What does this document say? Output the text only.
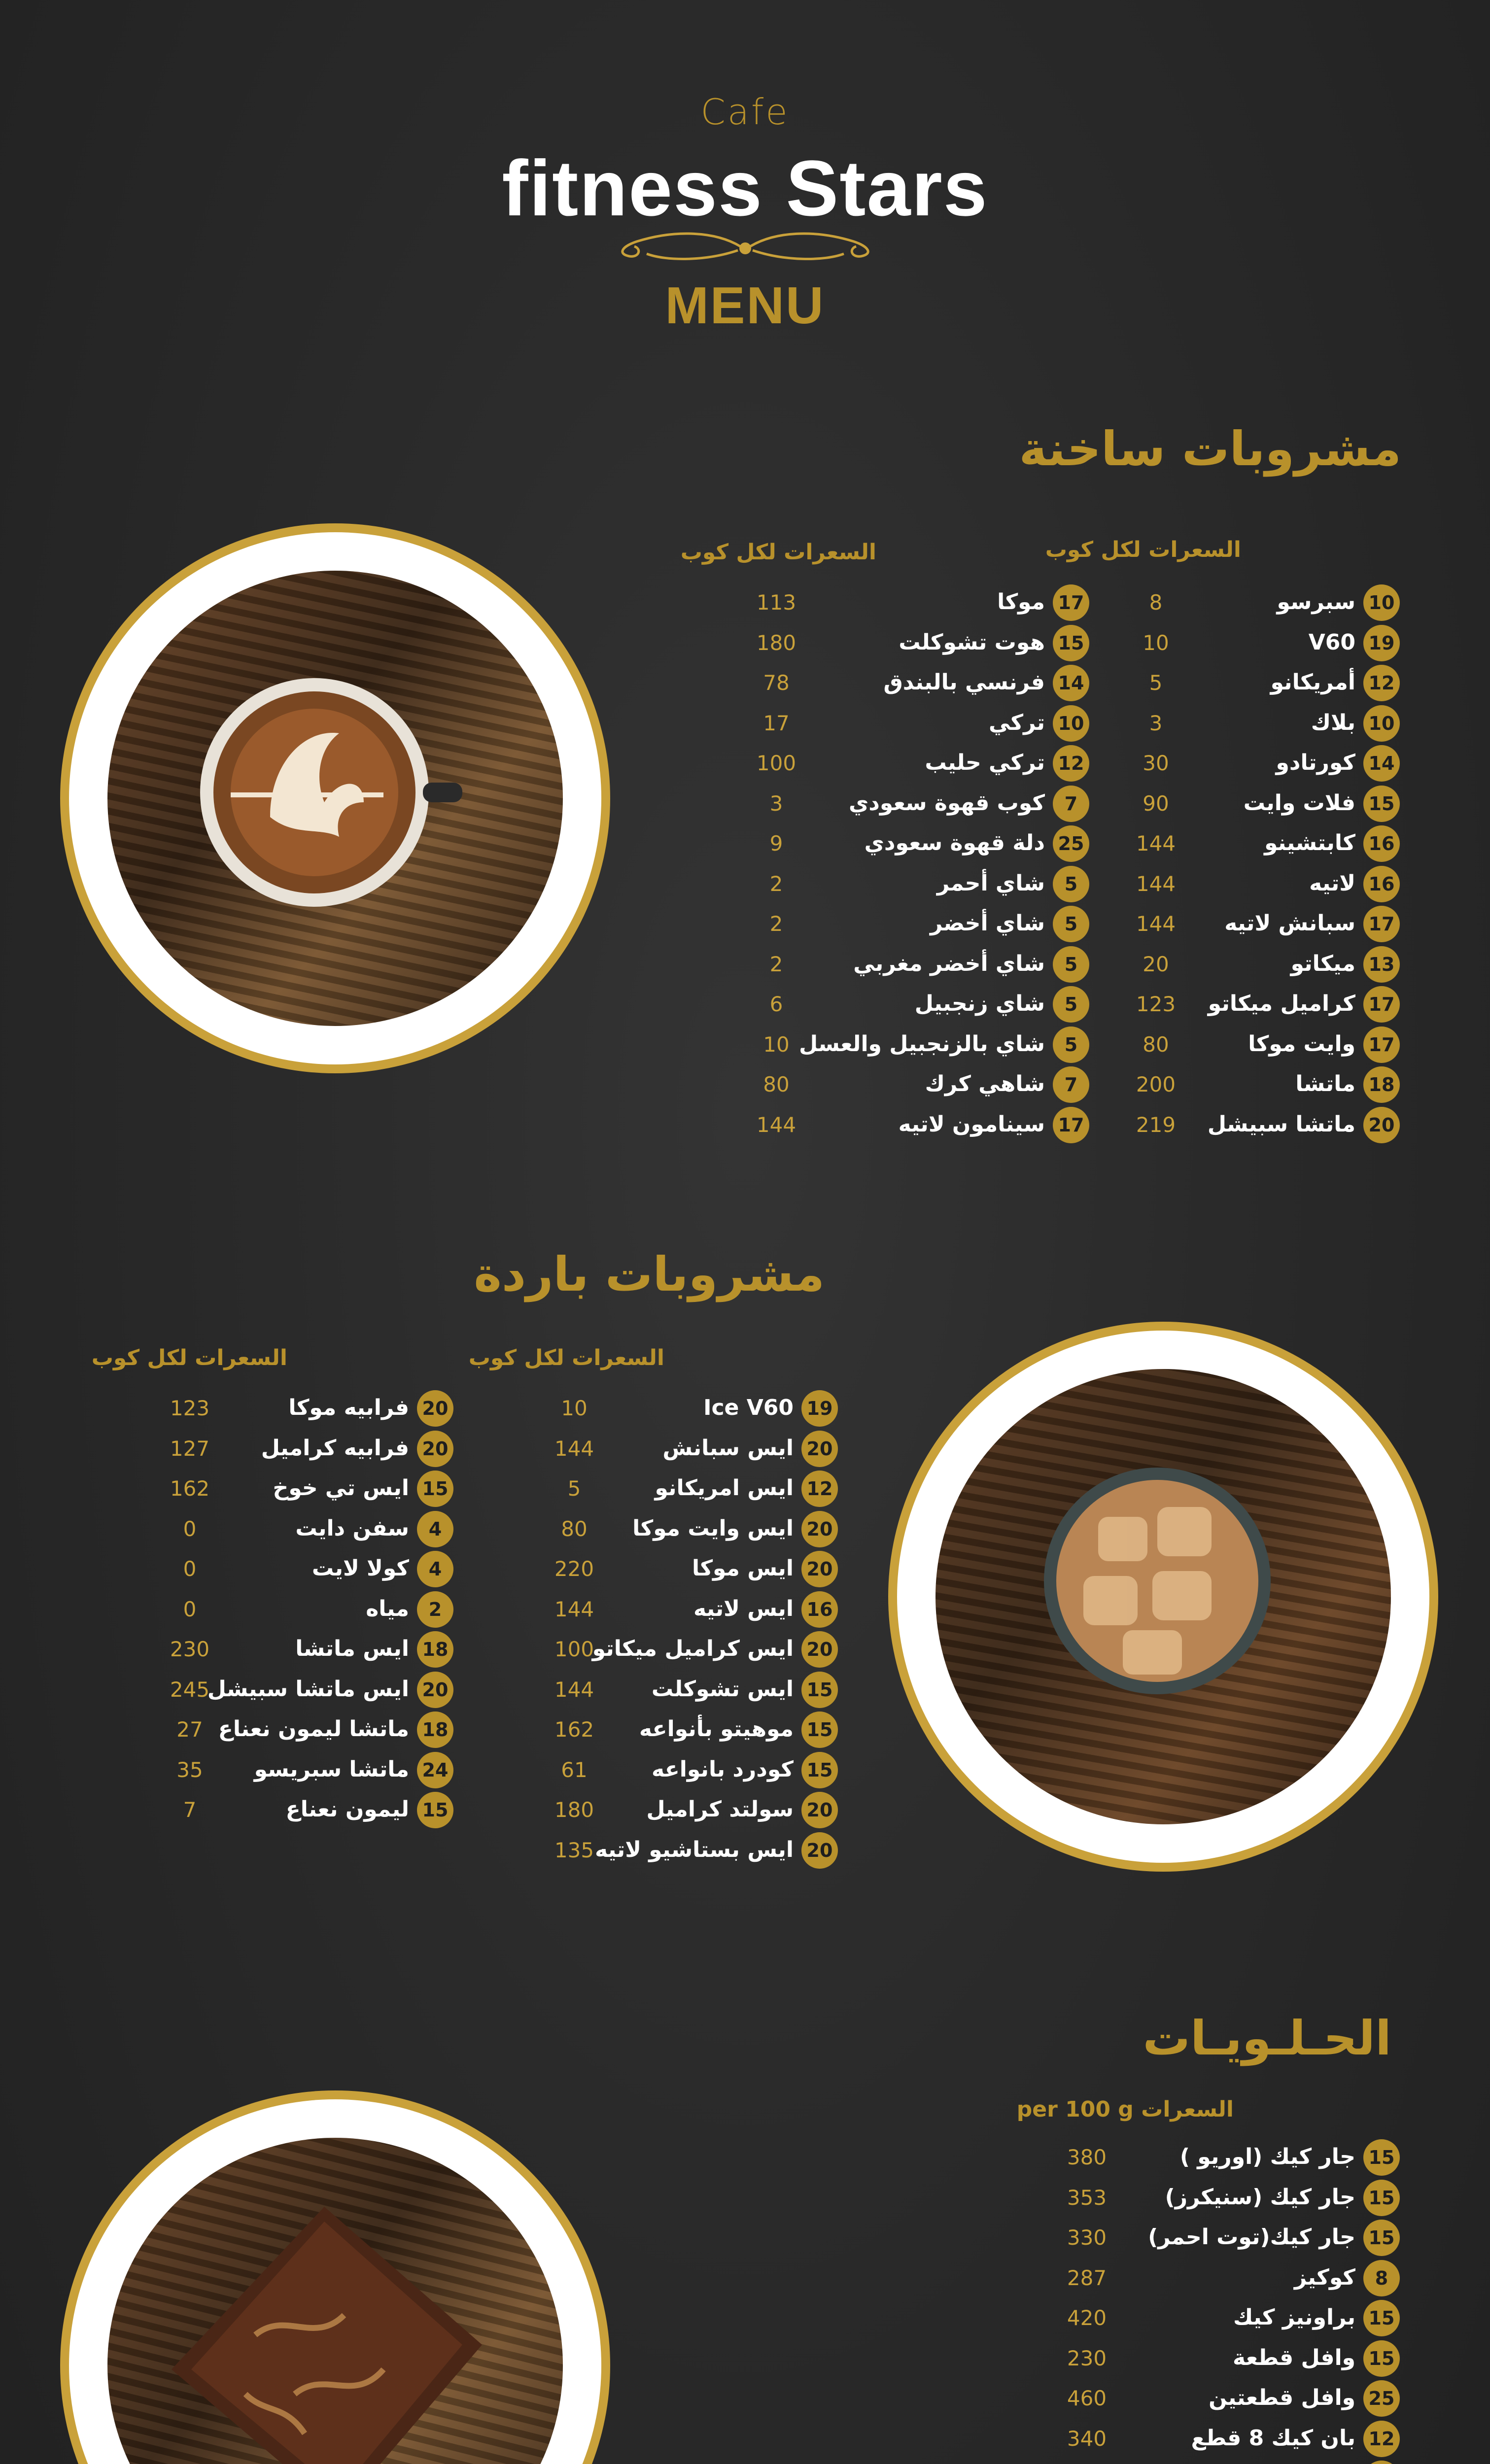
Cafe
fitness Stars
MENU
مشروبات ساخنة
السعرات لكل كوب
السعرات لكل كوب
10
سبرسو
8
19
V60
10
12
أمريكانو
5
10
بلاك
3
14
كورتادو
30
15
فلات وايت
90
16
كابتشينو
144
16
لاتيه
144
17
سبانش لاتيه
144
13
ميكاتو
20
17
كراميل ميكاتو
123
17
وايت موكا
80
18
ماتشا
200
20
ماتشا سبيشل
219
17
موكا
113
15
هوت تشوكلت
180
14
فرنسي بالبندق
78
10
تركي
17
12
تركي حليب
100
7
كوب قهوة سعودي
3
25
دلة قهوة سعودي
9
5
شاي أحمر
2
5
شاي أخضر
2
5
شاي أخضر مغربي
2
5
شاي زنجبيل
6
5
شاي بالزنجبيل والعسل
10
7
شاهي كرك
80
17
سينامون لاتيه
144
مشروبات باردة
السعرات لكل كوب
السعرات لكل كوب
19
Ice V60
10
20
ايس سبانش
144
12
ايس امريكانو
5
20
ايس وايت موكا
80
20
ايس موكا
220
16
ايس لاتيه
144
20
ايس كراميل ميكاتو
100
15
ايس تشوكلت
144
15
موهيتو بأنواعه
162
15
كودرد بانواعه
61
20
سولتد كراميل
180
20
ايس بستاشيو لاتيه
135
20
فرابيه موكا
123
20
فرابيه كراميل
127
15
ايس تي خوخ
162
4
سفن دايت
0
4
كولا لايت
0
2
مياه
0
18
ايس ماتشا
230
20
ايس ماتشا سبيشل
245
18
ماتشا ليمون نعناع
27
24
ماتشا سبريسو
35
15
ليمون نعناع
7
الحـلـويـات
per 100 g السعرات
15
جار كيك (اوريو )
380
15
جار كيك (سنيكرز)
353
15
جار كيك(توت احمر)
330
8
كوكيز
287
15
براونيز كيك
420
15
وافل قطعة
230
25
وافل قطعتين
460
12
بان كيك 8 قطع
340
